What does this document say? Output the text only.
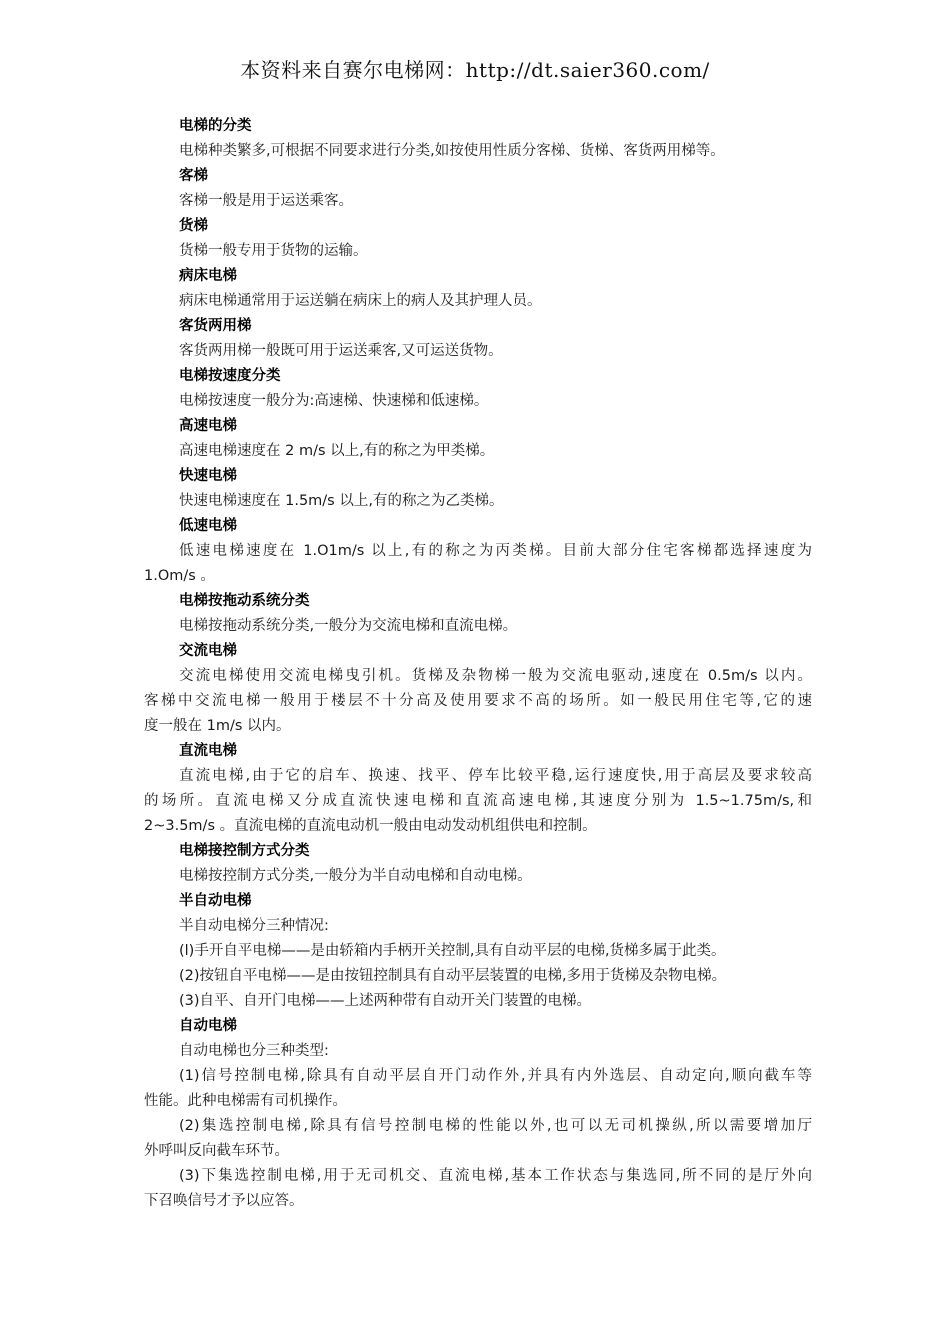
本资料来自赛尔电梯网：http://dt.saier360.com/
电梯的分类
电梯种类繁多,可根据不同要求进行分类,如按使用性质分客梯、货梯、客货两用梯等。
客梯
客梯一般是用于运送乘客。
货梯
货梯一般专用于货物的运输。
病床电梯
病床电梯通常用于运送躺在病床上的病人及其护理人员。
客货两用梯
客货两用梯一般既可用于运送乘客,又可运送货物。
电梯按速度分类
电梯按速度一般分为:高速梯、快速梯和低速梯。
高速电梯
高速电梯速度在 2 m/s 以上,有的称之为甲类梯。
快速电梯
快速电梯速度在 1.5m/s 以上,有的称之为乙类梯。
低速电梯
低速电梯速度在 1.O1m/s 以上,有的称之为丙类梯。目前大部分住宅客梯都选择速度为
1.Om/s 。
电梯按拖动系统分类
电梯按拖动系统分类,一般分为交流电梯和直流电梯。
交流电梯
交流电梯使用交流电梯曳引机。货梯及杂物梯一般为交流电驱动,速度在 0.5m/s 以内。
客梯中交流电梯一般用于楼层不十分高及使用要求不高的场所。如一般民用住宅等,它的速
度一般在 1m/s 以内。
直流电梯
直流电梯,由于它的启车、换速、找平、停车比较平稳,运行速度快,用于高层及要求较高
的场所。直流电梯又分成直流快速电梯和直流高速电梯,其速度分别为 1.5~1.75m/s,和
2~3.5m/s 。直流电梯的直流电动机一般由电动发动机组供电和控制。
电梯接控制方式分类
电梯按控制方式分类,一般分为半自动电梯和自动电梯。
半自动电梯
半自动电梯分三种情况:
(l)手开自平电梯——是由轿箱内手柄开关控制,具有自动平层的电梯,货梯多属于此类。
(2)按钮自平电梯——是由按钮控制具有自动平层装置的电梯,多用于货梯及杂物电梯。
(3)自平、自开门电梯——上述两种带有自动开关门装置的电梯。
自动电梯
自动电梯也分三种类型:
(1)信号控制电梯,除具有自动平层自开门动作外,并具有内外选层、自动定向,顺向截车等
性能。此种电梯需有司机操作。
(2)集选控制电梯,除具有信号控制电梯的性能以外,也可以无司机操纵,所以需要增加厅
外呼叫反向截车环节。
(3)下集选控制电梯,用于无司机交、直流电梯,基本工作状态与集选同,所不同的是厅外向
下召唤信号才予以应答。
